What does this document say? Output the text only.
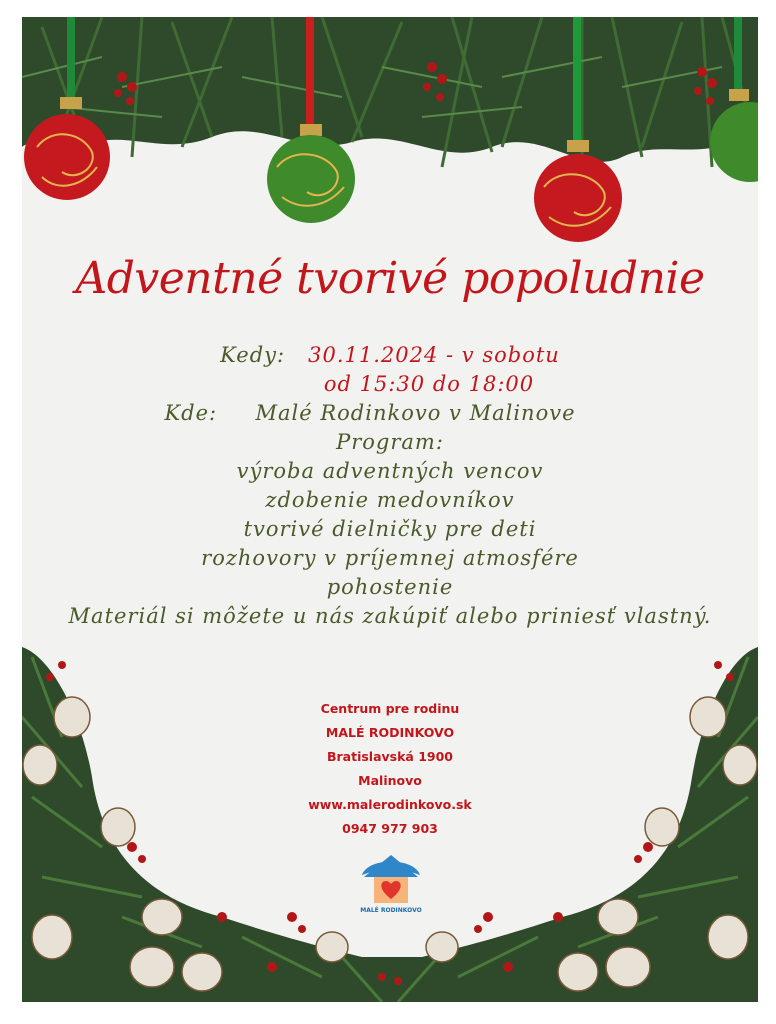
Adventné tvorivé popoludnie
Kedy: 30.11.2024 - v sobotu
od 15:30 do 18:00
Kde: Malé Rodinkovo v Malinove
Program:
výroba adventných vencov
zdobenie medovníkov
tvorivé dielničky pre deti
rozhovory v príjemnej atmosfére
pohostenie
Materiál si môžete u nás zakúpiť alebo priniesť vlastný.
Centrum pre rodinu
MALÉ RODINKOVO
Bratislavská 1900
Malinovo
www.malerodinkovo.sk
0947 977 903
MALÉ RODINKOVO
